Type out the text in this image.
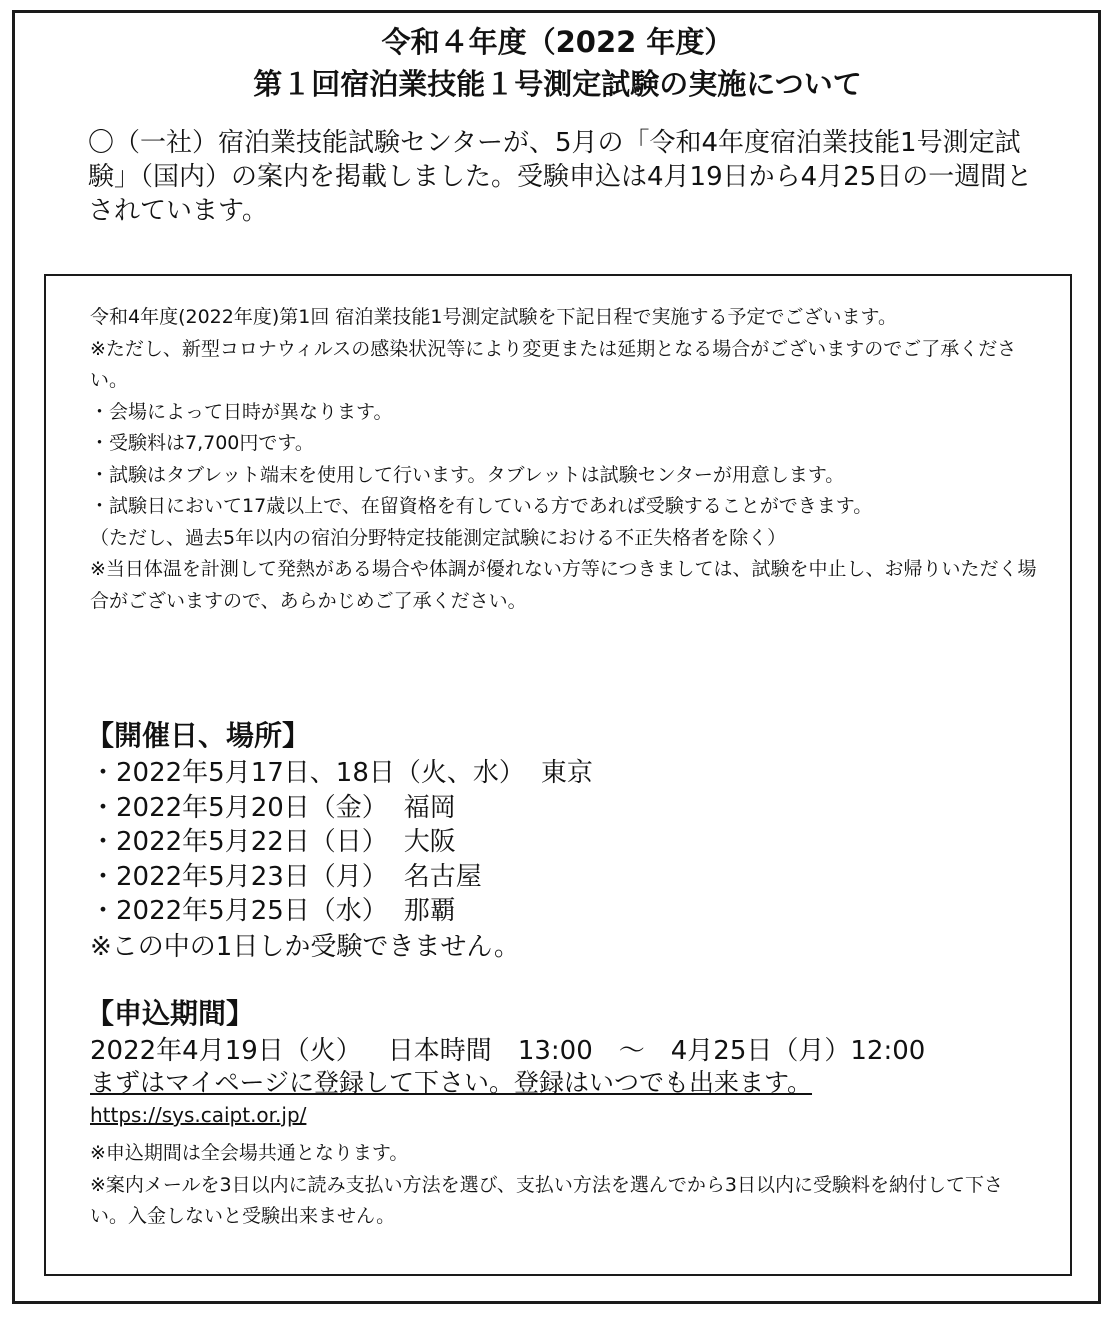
令和４年度（2022 年度）
第１回宿泊業技能１号測定試験の実施について

〇（一社）宿泊業技能試験センターが、5月の「令和4年度宿泊業技能1号測定試験」（国内）の案内を掲載しました。受験申込は4月19日から4月25日の一週間とされています。

令和4年度(2022年度)第1回 宿泊業技能1号測定試験を下記日程で実施する予定でございます。
※ただし、新型コロナウィルスの感染状況等により変更または延期となる場合がございますのでご了承ください。
・会場によって日時が異なります。
・受験料は7,700円です。
・試験はタブレット端末を使用して行います。タブレットは試験センターが用意します。
・試験日において17歳以上で、在留資格を有している方であれば受験することができます。
（ただし、過去5年以内の宿泊分野特定技能測定試験における不正失格者を除く）
※当日体温を計測して発熱がある場合や体調が優れない方等につきましては、試験を中止し、お帰りいただく場合がございますので、あらかじめご了承ください。
【開催日、場所】
・2022年5月17日、18日（火、水） 東京
・2022年5月20日（金） 福岡
・2022年5月22日（日） 大阪
・2022年5月23日（月） 名古屋
・2022年5月25日（水） 那覇

※この中の1日しか受験できません。

【申込期間】

2022年4月19日（火） 日本時間 13:00 ～ 4月25日（月）12:00

まずはマイページに登録して下さい。登録はいつでも出来ます。

https://sys.caipt.or.jp/
※申込期間は全会場共通となります。
※案内メールを3日以内に読み支払い方法を選び、支払い方法を選んでから3日以内に受験料を納付して下さい。入金しないと受験出来ません。
